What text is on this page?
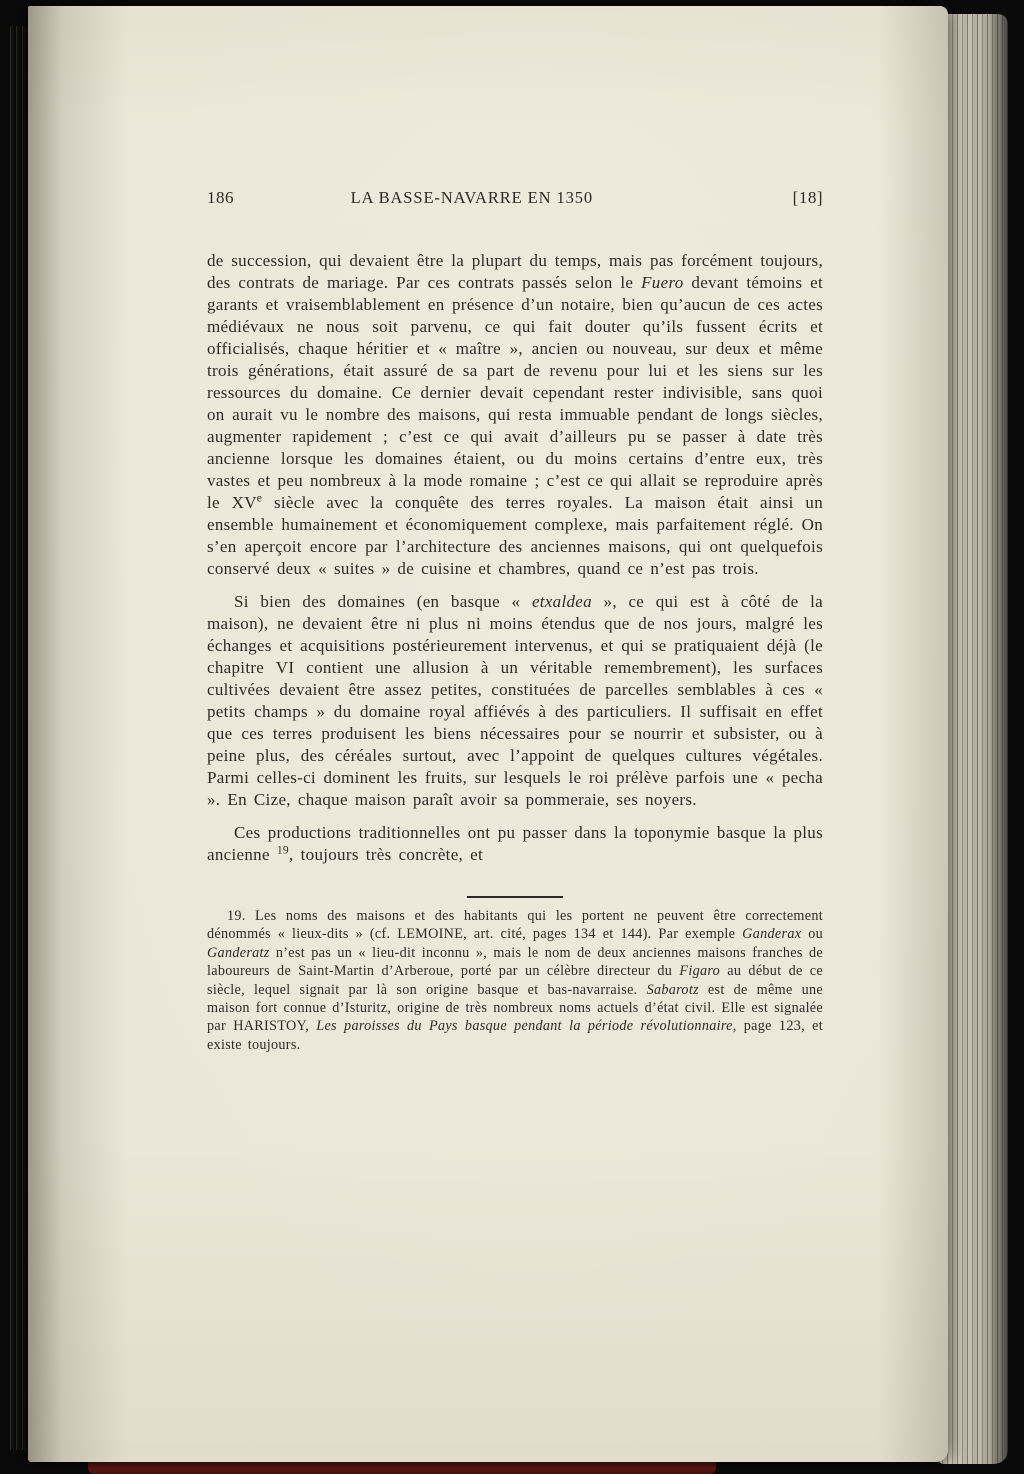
186	LA BASSE-NAVARRE EN 1350	[18]

de succession, qui devaient être la plupart du temps, mais pas forcément toujours, des contrats de mariage. Par ces contrats passés selon le Fuero devant témoins et garants et vraisemblablement en présence d’un notaire, bien qu’aucun de ces actes médiévaux ne nous soit parvenu, ce qui fait douter qu’ils fussent écrits et officialisés, chaque héritier et « maître », ancien ou nouveau, sur deux et même trois générations, était assuré de sa part de revenu pour lui et les siens sur les ressources du domaine. Ce dernier devait cependant rester indivisible, sans quoi on aurait vu le nombre des maisons, qui resta immuable pendant de longs siècles, augmenter rapidement ; c’est ce qui avait d’ailleurs pu se passer à date très ancienne lorsque les domaines étaient, ou du moins certains d’entre eux, très vastes et peu nombreux à la mode romaine ; c’est ce qui allait se reproduire après le XVe siècle avec la conquête des terres royales. La maison était ainsi un ensemble humainement et économiquement complexe, mais parfaitement réglé. On s’en aperçoit encore par l’architecture des anciennes maisons, qui ont quelquefois conservé deux « suites » de cuisine et chambres, quand ce n’est pas trois.

Si bien des domaines (en basque « etxaldea », ce qui est à côté de la maison), ne devaient être ni plus ni moins étendus que de nos jours, malgré les échanges et acquisitions postérieurement intervenus, et qui se pratiquaient déjà (le chapitre VI contient une allusion à un véritable remembrement), les surfaces cultivées devaient être assez petites, constituées de parcelles semblables à ces « petits champs » du domaine royal affiévés à des particuliers. Il suffisait en effet que ces terres produisent les biens nécessaires pour se nourrir et subsister, ou à peine plus, des céréales surtout, avec l’appoint de quelques cultures végétales. Parmi celles-ci dominent les fruits, sur lesquels le roi prélève parfois une « pecha ». En Cize, chaque maison paraît avoir sa pommeraie, ses noyers.

Ces productions traditionnelles ont pu passer dans la toponymie basque la plus ancienne $^{19}$, toujours très concrète, et

19. Les noms des maisons et des habitants qui les portent ne peuvent être correctement dénommés « lieux-dits » (cf. LEMOINE, art. cité, pages 134 et 144). Par exemple Ganderax ou Ganderatz n’est pas un « lieu-dit inconnu », mais le nom de deux anciennes maisons franches de laboureurs de Saint-Martin d’Arberoue, porté par un célèbre directeur du Figaro au début de ce siècle, lequel signait par là son origine basque et bas-navarraise. Sabarotz est de même une maison fort connue d’Isturitz, origine de très nombreux noms actuels d’état civil. Elle est signalée par HARISTOY, Les paroisses du Pays basque pendant la période révolutionnaire, page 123, et existe toujours.
